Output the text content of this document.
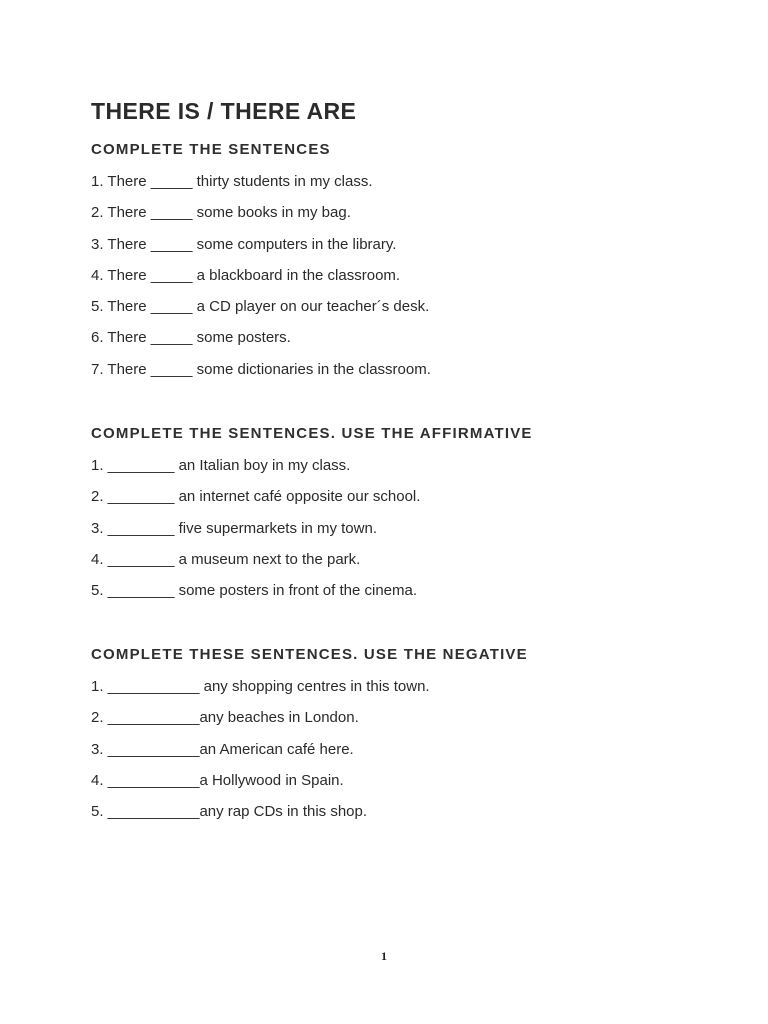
THERE IS / THERE ARE
COMPLETE THE SENTENCES
1. There _____ thirty students in my class.
2. There _____ some books in my bag.
3. There _____ some computers in the library.
4. There _____ a blackboard in the classroom.
5. There _____ a CD player on our teacher´s desk.
6. There _____ some posters.
7. There _____ some dictionaries in the classroom.
COMPLETE THE SENTENCES. USE THE AFFIRMATIVE
1. ________ an Italian boy in my class.
2. ________ an internet café opposite our school.
3. ________ five supermarkets in my town.
4. ________ a museum next to the park.
5. ________ some posters in front of the cinema.
COMPLETE THESE SENTENCES. USE THE NEGATIVE
1. ___________ any shopping centres in this town.
2. ___________any beaches in London.
3. ___________an American café here.
4. ___________a Hollywood in Spain.
5. ___________any rap CDs in this shop.
1
